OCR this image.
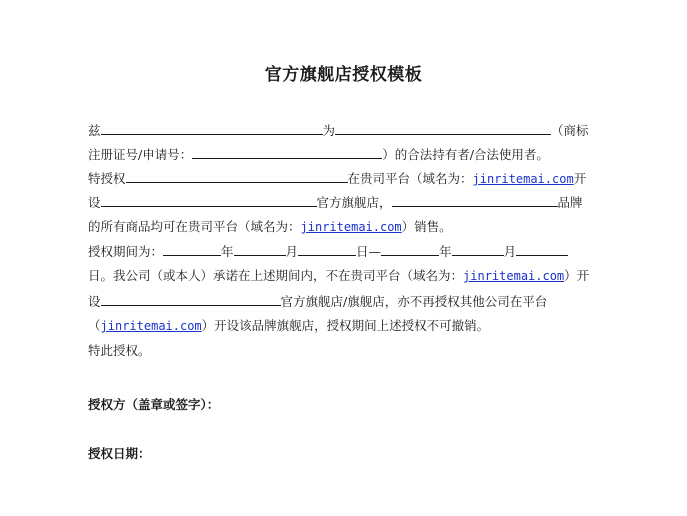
官方旗舰店授权模板
兹	为	（商标
注册证号/申请号：	）的合法持有者/合法使用者。
特授权	在贵司平台（域名为：jinritemai.com开
设	官方旗舰店，	品牌
的所有商品均可在贵司平台（域名为：jinritemai.com）销售。
授权期间为：	年	月	日—	年	月
日。我公司（或本人）承诺在上述期间内，不在贵司平台（域名为：jinritemai.com）开
设	官方旗舰店/旗舰店，亦不再授权其他公司在平台
（jinritemai.com）开设该品牌旗舰店，授权期间上述授权不可撤销。
特此授权。
授权方（盖章或签字）：
授权日期：
